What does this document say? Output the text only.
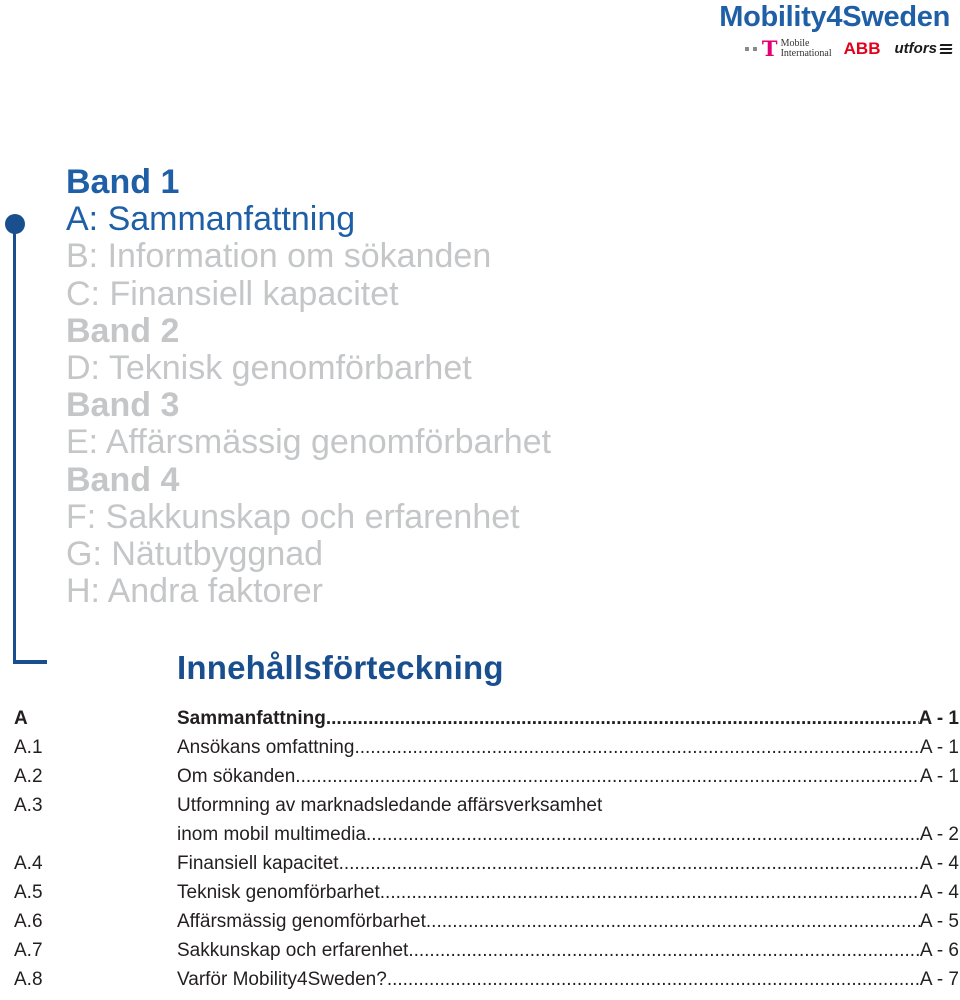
Mobility4Sweden
T Mobile
International ABB utfors
Band 1
A: Sammanfattning
B: Information om sökanden
C: Finansiell kapacitet
Band 2
D: Teknisk genomförbarhet
Band 3
E: Affärsmässig genomförbarhet
Band 4
F: Sakkunskap och erfarenhet
G: Nätutbyggnad
H: Andra faktorer
Innehållsförteckning
A	Sammanfattning .....	A - 1
A.1	Ansökans omfattning .....	A - 1
A.2	Om sökanden .....	A - 1
A.3	Utformning av marknadsledande affärsverksamhet
inom mobil multimedia .....	A - 2
A.4	Finansiell kapacitet .....	A - 4
A.5	Teknisk genomförbarhet .....	A - 4
A.6	Affärsmässig genomförbarhet .....	A - 5
A.7	Sakkunskap och erfarenhet .....	A - 6
A.8	Varför Mobility4Sweden? .....	A - 7
